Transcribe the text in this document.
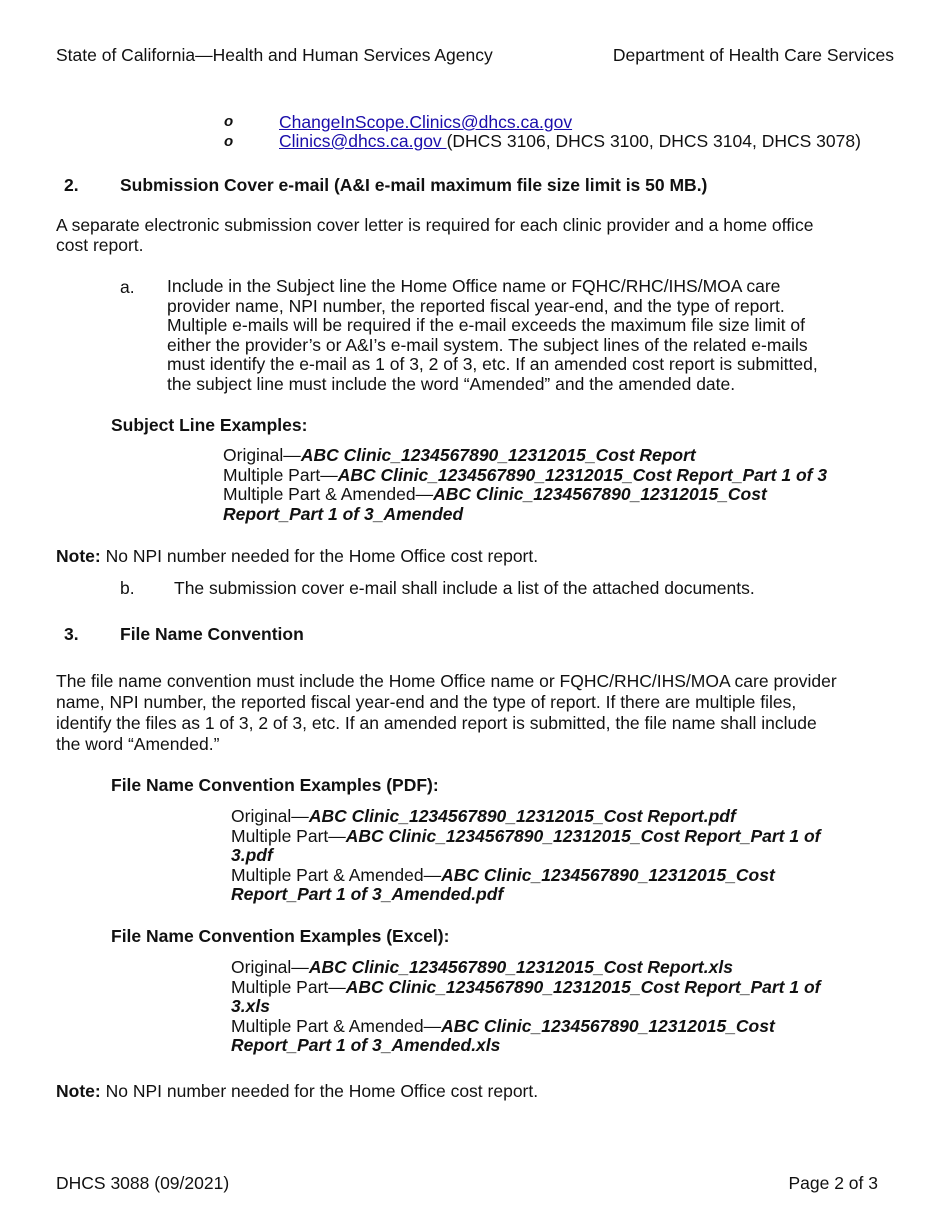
State of California—Health and Human Services Agency	Department of Health Care Services
o	ChangeInScope.Clinics@dhcs.ca.gov
o	Clinics@dhcs.ca.gov (DHCS 3106, DHCS 3100, DHCS 3104, DHCS 3078)
2. Submission Cover e-mail (A&I e-mail maximum file size limit is 50 MB.)
A separate electronic submission cover letter is required for each clinic provider and a home office
cost report.
a. Include in the Subject line the Home Office name or FQHC/RHC/IHS/MOA care
provider name, NPI number, the reported fiscal year-end, and the type of report.
Multiple e-mails will be required if the e-mail exceeds the maximum file size limit of
either the provider’s or A&I’s e-mail system. The subject lines of the related e-mails
must identify the e-mail as 1 of 3, 2 of 3, etc. If an amended cost report is submitted,
the subject line must include the word “Amended” and the amended date.
Subject Line Examples:
Original—ABC Clinic_1234567890_12312015_Cost Report
Multiple Part—ABC Clinic_1234567890_12312015_Cost Report_Part 1 of 3
Multiple Part & Amended—ABC Clinic_1234567890_12312015_Cost
Report_Part 1 of 3_Amended
Note: No NPI number needed for the Home Office cost report.
b. The submission cover e-mail shall include a list of the attached documents.
3. File Name Convention
The file name convention must include the Home Office name or FQHC/RHC/IHS/MOA care provider
name, NPI number, the reported fiscal year-end and the type of report. If there are multiple files,
identify the files as 1 of 3, 2 of 3, etc. If an amended report is submitted, the file name shall include
the word “Amended.”
File Name Convention Examples (PDF):
Original—ABC Clinic_1234567890_12312015_Cost Report.pdf
Multiple Part—ABC Clinic_1234567890_12312015_Cost Report_Part 1 of
3.pdf
Multiple Part & Amended—ABC Clinic_1234567890_12312015_Cost
Report_Part 1 of 3_Amended.pdf
File Name Convention Examples (Excel):
Original—ABC Clinic_1234567890_12312015_Cost Report.xls
Multiple Part—ABC Clinic_1234567890_12312015_Cost Report_Part 1 of
3.xls
Multiple Part & Amended—ABC Clinic_1234567890_12312015_Cost
Report_Part 1 of 3_Amended.xls
Note: No NPI number needed for the Home Office cost report.
DHCS 3088 (09/2021)	Page 2 of 3
